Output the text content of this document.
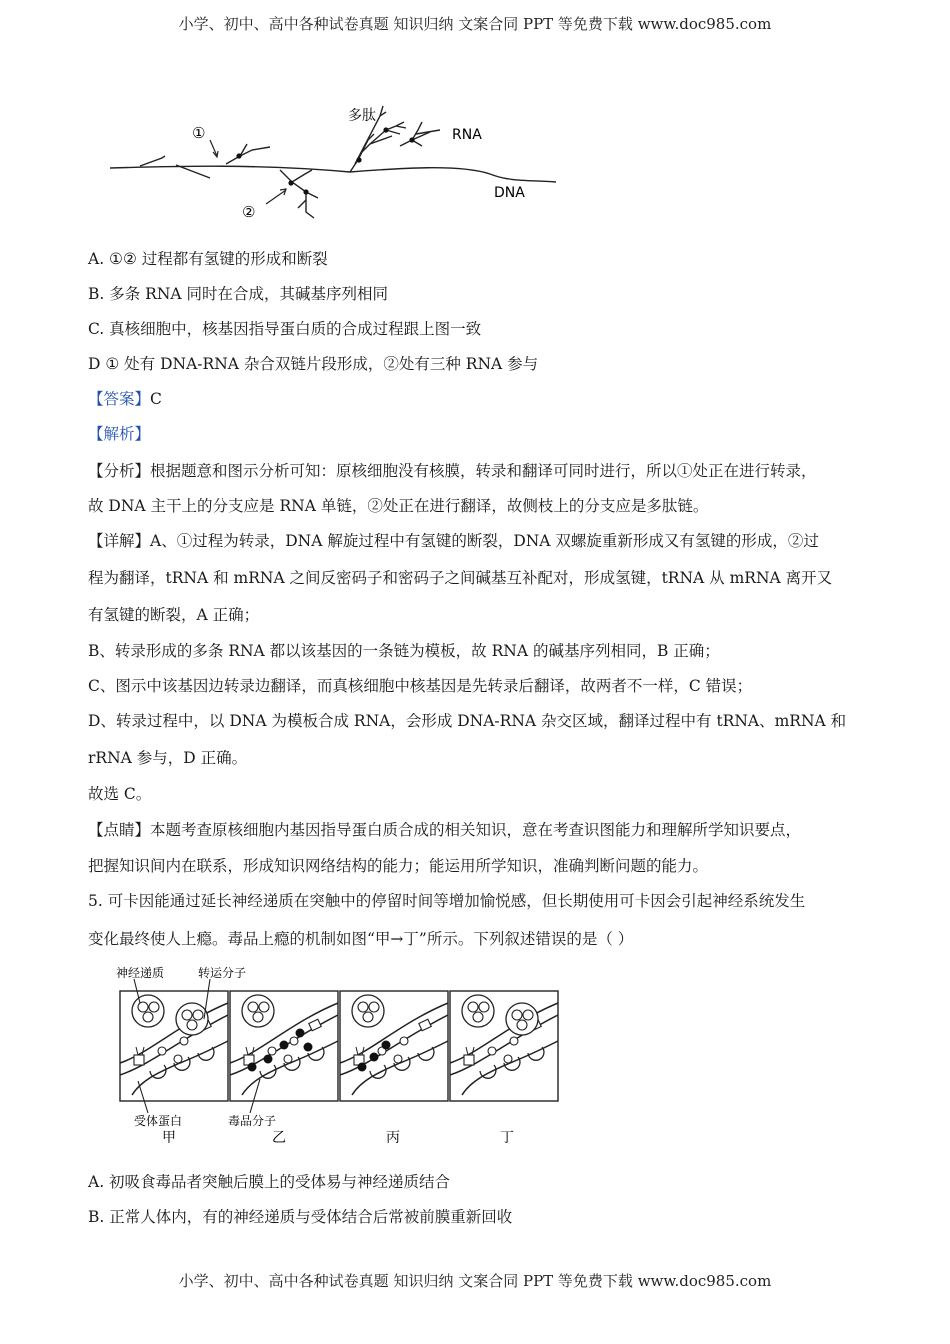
小学、初中、高中各种试卷真题 知识归纳 文案合同 PPT 等免费下载 www.doc985.com
①
②
多肽
RNA
DNA
A. ①② 过程都有氢键的形成和断裂
B. 多条 RNA 同时在合成，其碱基序列相同
C. 真核细胞中，核基因指导蛋白质的合成过程跟上图一致
D ① 处有 DNA-RNA 杂合双链片段形成，②处有三种 RNA 参与
【答案】C
【解析】
【分析】根据题意和图示分析可知：原核细胞没有核膜，转录和翻译可同时进行，所以①处正在进行转录，
故 DNA 主干上的分支应是 RNA 单链，②处正在进行翻译，故侧枝上的分支应是多肽链。
【详解】A、①过程为转录，DNA 解旋过程中有氢键的断裂，DNA 双螺旋重新形成又有氢键的形成，②过
程为翻译，tRNA 和 mRNA 之间反密码子和密码子之间碱基互补配对，形成氢键，tRNA 从 mRNA 离开又
有氢键的断裂，A 正确；
B、转录形成的多条 RNA 都以该基因的一条链为模板，故 RNA 的碱基序列相同，B 正确；
C、图示中该基因边转录边翻译，而真核细胞中核基因是先转录后翻译，故两者不一样，C 错误；
D、转录过程中，以 DNA 为模板合成 RNA，会形成 DNA-RNA 杂交区域，翻译过程中有 tRNA、mRNA 和
rRNA 参与，D 正确。
故选 C。
【点睛】本题考查原核细胞内基因指导蛋白质合成的相关知识，意在考查识图能力和理解所学知识要点，
把握知识间内在联系，形成知识网络结构的能力；能运用所学知识，准确判断问题的能力。
5. 可卡因能通过延长神经递质在突触中的停留时间等增加愉悦感，但长期使用可卡因会引起神经系统发生
变化最终使人上瘾。毒品上瘾的机制如图“甲→丁”所示。下列叙述错误的是（ ）
神经递质	转运分子
受体蛋白	毒品分子
甲	乙	丙	丁
A. 初吸食毒品者突触后膜上的受体易与神经递质结合
B. 正常人体内，有的神经递质与受体结合后常被前膜重新回收
小学、初中、高中各种试卷真题 知识归纳 文案合同 PPT 等免费下载 www.doc985.com
